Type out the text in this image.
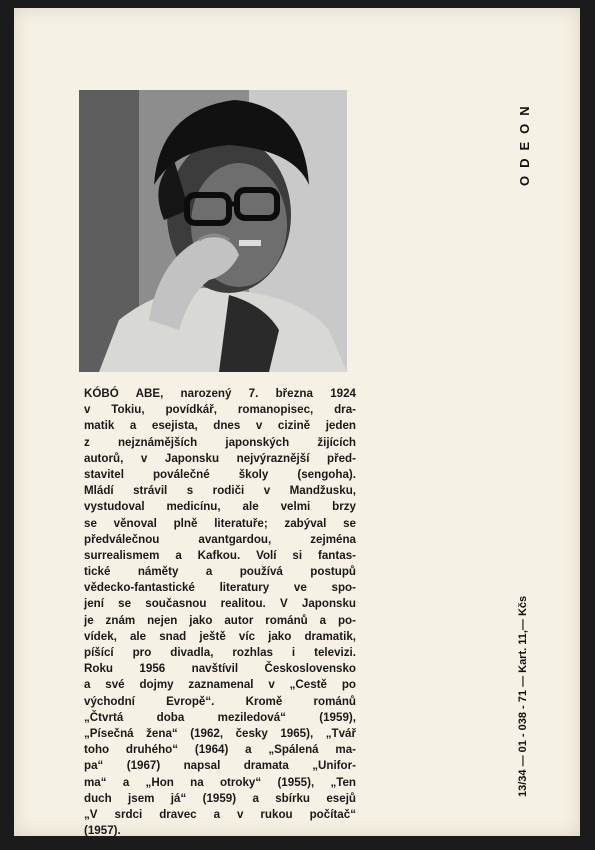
ODEON
13/34 — 01 - 038 - 71 — Kart. 11,— Kčs
KÓBÓ ABE, narozený 7. března 1924
v Tokiu, povídkář, romanopisec, dra-
matik a esejista, dnes v cizině jeden
z nejznámějších japonských žijících
autorů, v Japonsku nejvýraznější před-
stavitel poválečné školy (sengoha).
Mládí strávil s rodiči v Mandžusku,
vystudoval medicínu, ale velmi brzy
se věnoval plně literatuře; zabýval se
předválečnou avantgardou, zejména
surrealismem a Kafkou. Volí si fantas-
tické náměty a používá postupů
vědecko-fantastické literatury ve spo-
jení se současnou realitou. V Japonsku
je znám nejen jako autor románů a po-
vídek, ale snad ještě víc jako dramatik,
píšící pro divadla, rozhlas i televizi.
Roku 1956 navštívil Československo
a své dojmy zaznamenal v „Cestě po
východní Evropě“. Kromě románů
„Čtvrtá doba meziledová“ (1959),
„Písečná žena“ (1962, česky 1965), „Tvář
toho druhého“ (1964) a „Spálená ma-
pa“ (1967) napsal dramata „Unifor-
ma“ a „Hon na otroky“ (1955), „Ten
duch jsem já“ (1959) a sbírku esejů
„V srdci dravec a v rukou počítač“
(1957).
